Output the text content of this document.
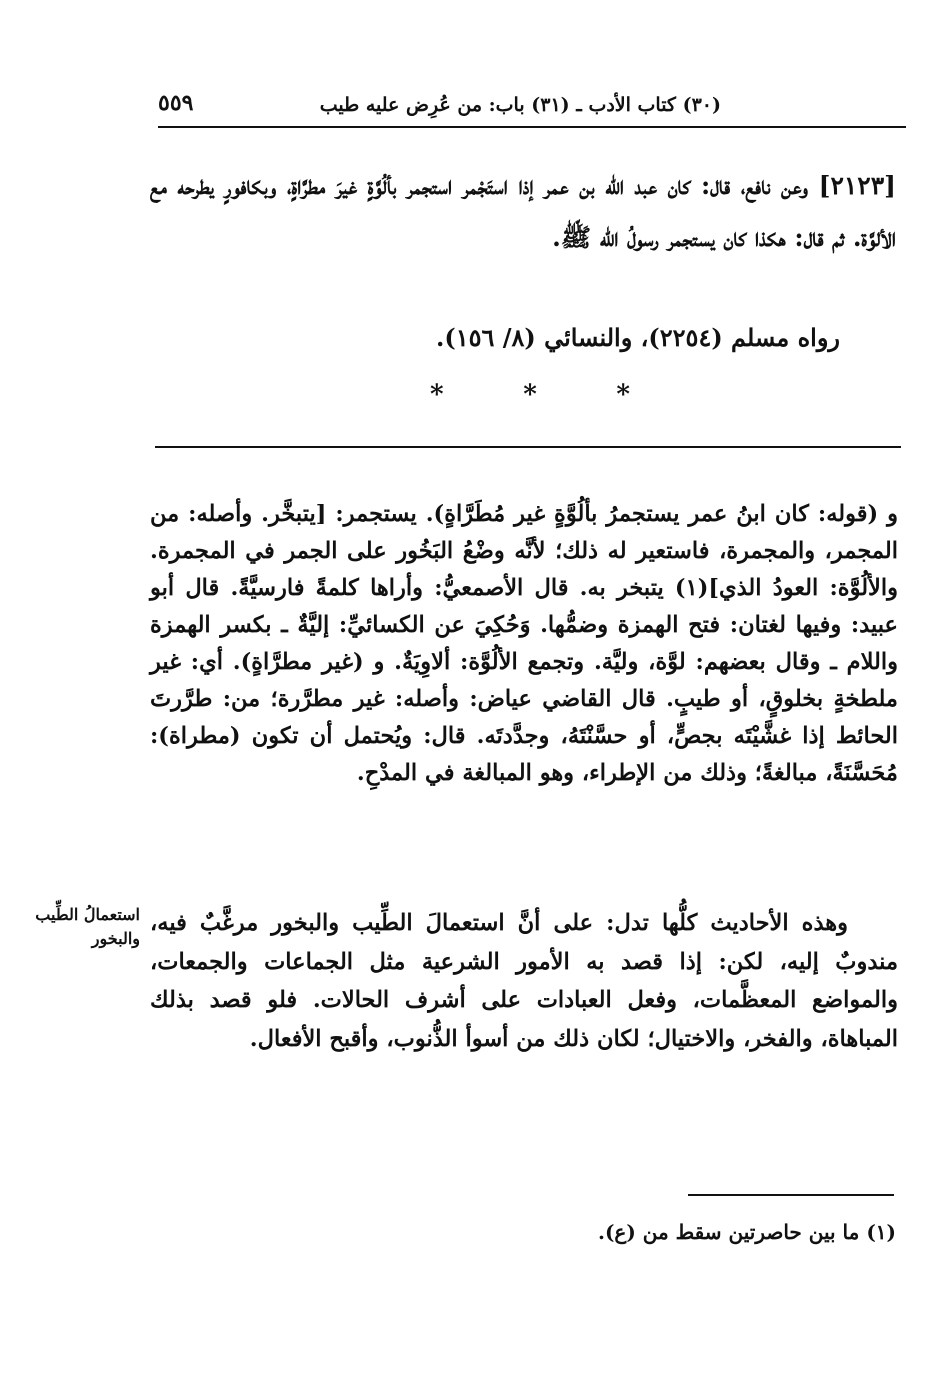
(٣٠) كتاب الأدب ـ (٣١) باب: من عُرِض عليه طيب
٥٥٩
[٢١٢٣] وعن نافع، قال: كان عبد الله بن عمر إذا استَجْمر استجمر بألُوَّةٍ غيرَ مطرَّاةٍ، وبكافورٍ يطرحه مع الألوَّة. ثم قال: هكذا كان يستجمر رسولُ الله ﷺ.
رواه مسلم (٢٢٥٤)، والنسائي (٨/ ١٥٦).
*
*
*

و (قوله: كان ابنُ عمر يستجمرُ بألُوَّةٍ غير مُطَرَّاةٍ). يستجمر: [يتبخَّر. وأصله: من المجمر، والمجمرة، فاستعير له ذلك؛ لأنَّه وضْعُ البَخُور على الجمر في المجمرة. والألُوَّة: العودُ الذي](١) يتبخر به. قال الأصمعيُّ: وأراها كلمةً فارسيَّةً. قال أبو عبيد: وفيها لغتان: فتح الهمزة وضمُّها. وَحُكِيَ عن الكسائيِّ: إليَّةٌ ـ بكسر الهمزة واللام ـ وقال بعضهم: لوَّة، وليَّة. وتجمع الألُوَّة: ألاوِيَةٌ. و (غير مطرَّاةٍ). أي: غير ملطخةٍ بخلوقٍ، أو طيبٍ. قال القاضي عياض: وأصله: غير مطرَّرة؛ من: طرَّرتَ الحائط إذا غشَّيْتَه بجصٍّ، أو حسَّنْتَهُ، وجدَّدتَه. قال: ويُحتمل أن تكون (مطراة): مُحَسَّنَةً، مبالغةً؛ وذلك من الإطراء، وهو المبالغة في المدْحِ.

وهذه الأحاديث كلُّها تدل: على أنَّ استعمالَ الطِّيب والبخور مرغَّبٌ فيه، مندوبٌ إليه، لكن: إذا قصد به الأمور الشرعية مثل الجماعات والجمعات، والمواضع المعظَّمات، وفعل العبادات على أشرف الحالات. فلو قصد بذلك المباهاة، والفخر، والاختيال؛ لكان ذلك من أسوأ الذُّنوب، وأقبح الأفعال.

استعمالُ الطِّيب
والبخور
(١) ما بين حاصرتين سقط من (ع).
